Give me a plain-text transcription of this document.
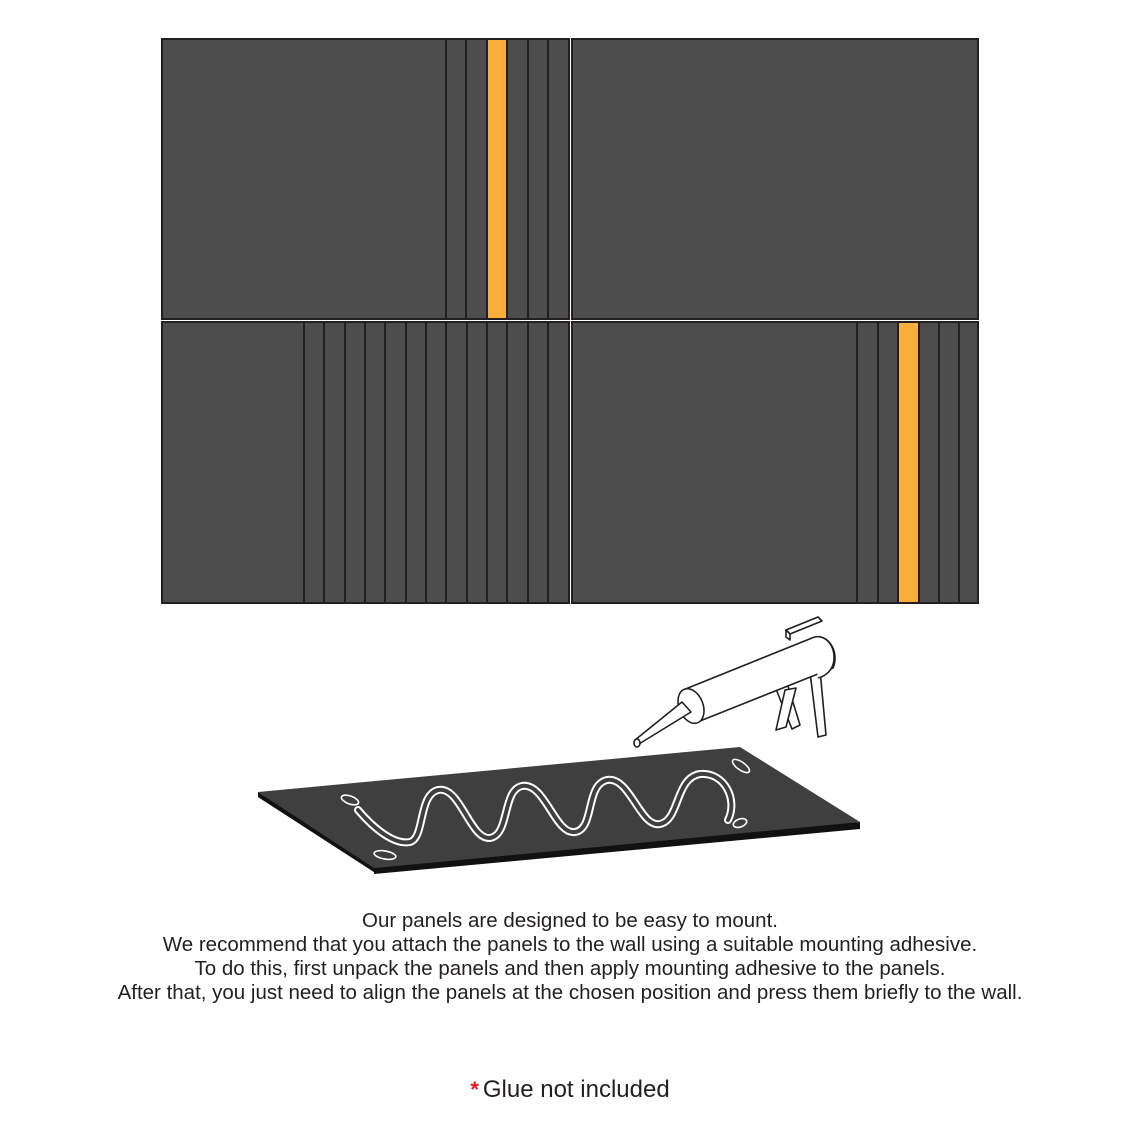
Our panels are designed to be easy to mount.
We recommend that you attach the panels to the wall using a suitable mounting adhesive.
To do this, first unpack the panels and then apply mounting adhesive to the panels.
After that, you just need to align the panels at the chosen position and press them briefly to the wall.
* Glue not included
